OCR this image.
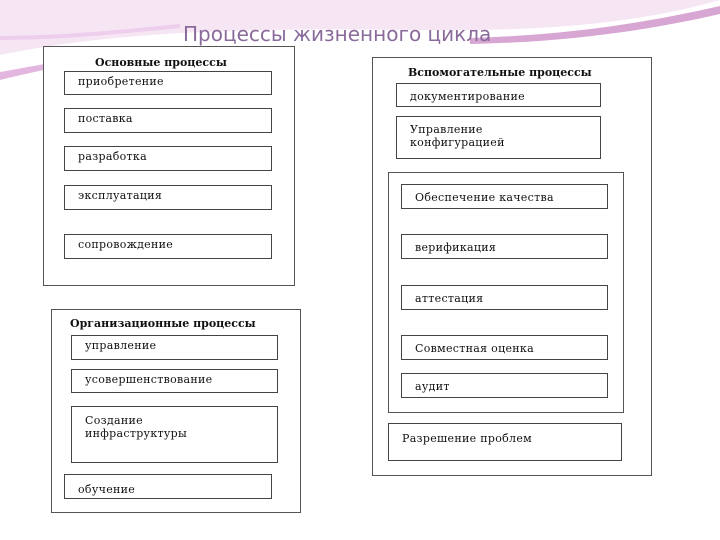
Процессы жизненного цикла
Основные процессы
приобретение
поставка
разработка
эксплуатация
сопровождение
Организационные процессы
управление
усовершенствование
Создание
инфраструктуры
обучение
Вспомогательные процессы
документирование
Управление
конфигурацией
Обеспечение качества
верификация
аттестация
Совместная оценка
аудит
Разрешение проблем
